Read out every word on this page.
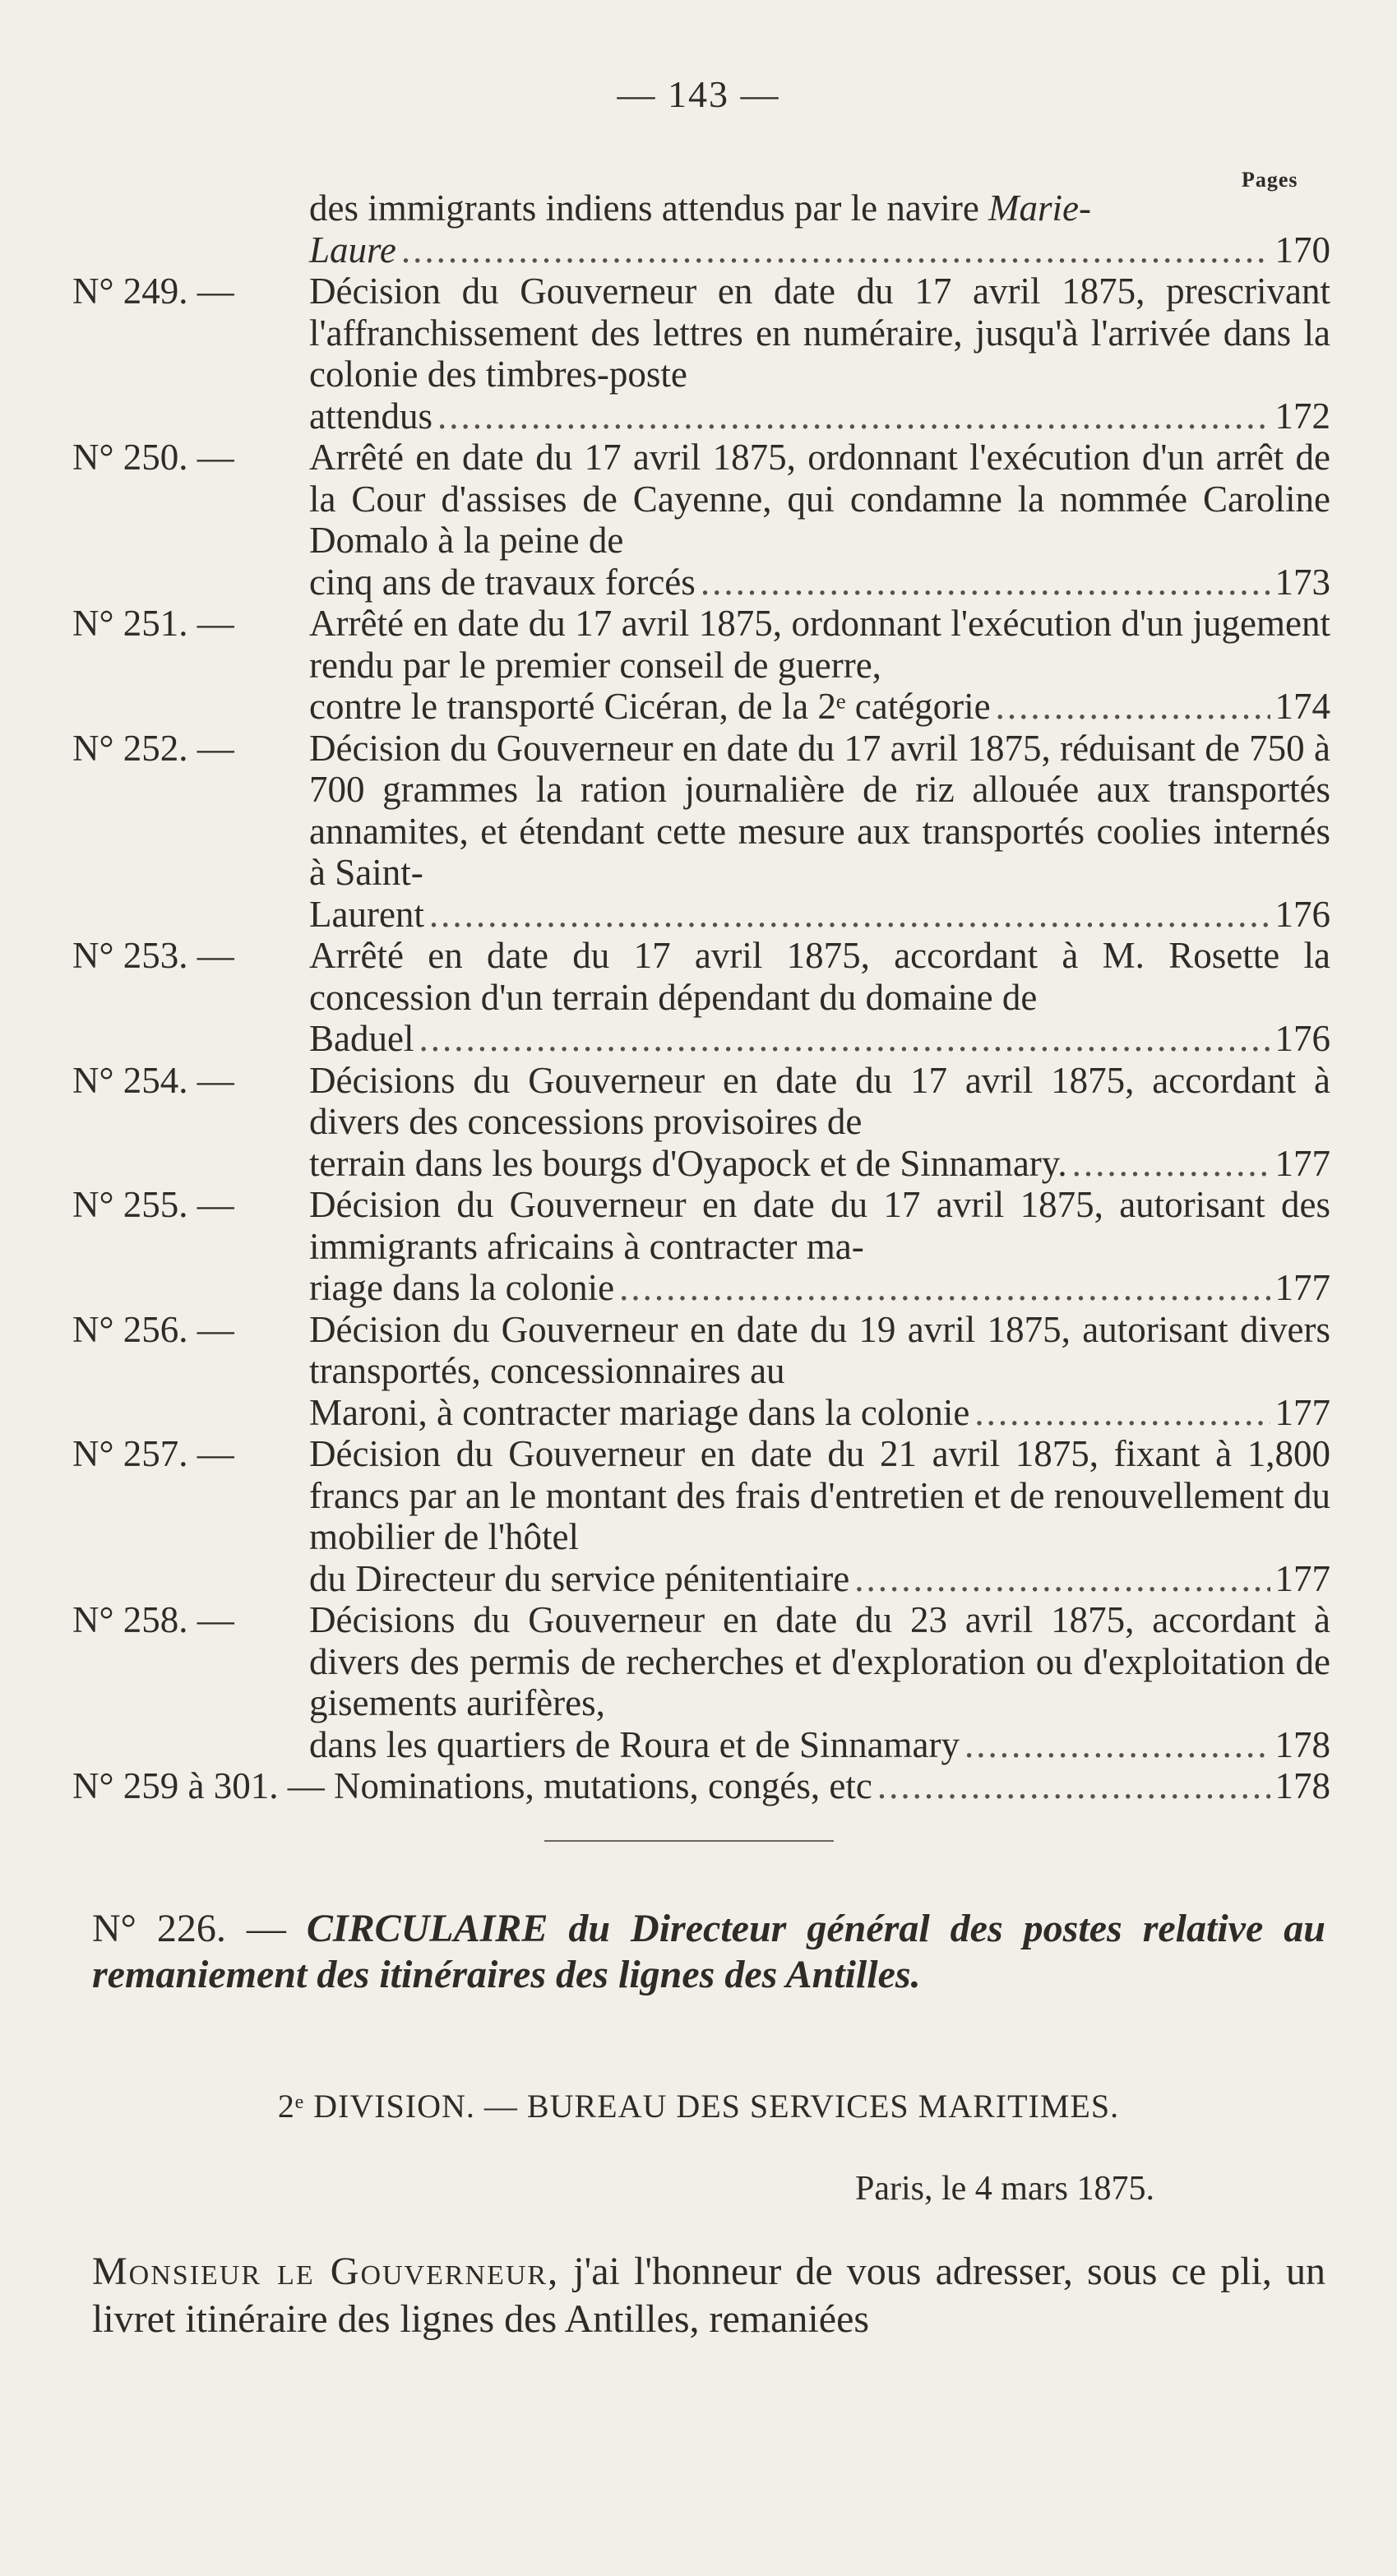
— 143 —
Pages
des immigrants indiens attendus par le navire Marie-
Laure .....	170
N° 249. — Décision du Gouverneur en date du 17 avril 1875, prescrivant l'affranchissement des lettres en numéraire, jusqu'à l'arrivée dans la colonie des timbres-poste
attendus .....	172
N° 250. — Arrêté en date du 17 avril 1875, ordonnant l'exécution d'un arrêt de la Cour d'assises de Cayenne, qui condamne la nommée Caroline Domalo à la peine de
cinq ans de travaux forcés .....	173
N° 251. — Arrêté en date du 17 avril 1875, ordonnant l'exécution d'un jugement rendu par le premier conseil de guerre,
contre le transporté Cicéran, de la 2ᵉ catégorie .....	174
N° 252. — Décision du Gouverneur en date du 17 avril 1875, réduisant de 750 à 700 grammes la ration journalière de riz allouée aux transportés annamites, et étendant cette mesure aux transportés coolies internés à Saint-
Laurent .....	176
N° 253. — Arrêté en date du 17 avril 1875, accordant à M. Rosette la concession d'un terrain dépendant du domaine de
Baduel .....	176
N° 254. — Décisions du Gouverneur en date du 17 avril 1875, accordant à divers des concessions provisoires de
terrain dans les bourgs d'Oyapock et de Sinnamary. .....	177
N° 255. — Décision du Gouverneur en date du 17 avril 1875, autorisant des immigrants africains à contracter ma-
riage dans la colonie .....	177
N° 256. — Décision du Gouverneur en date du 19 avril 1875, autorisant divers transportés, concessionnaires au
Maroni, à contracter mariage dans la colonie .....	177
N° 257. — Décision du Gouverneur en date du 21 avril 1875, fixant à 1,800 francs par an le montant des frais d'entretien et de renouvellement du mobilier de l'hôtel
du Directeur du service pénitentiaire .....	177
N° 258. — Décisions du Gouverneur en date du 23 avril 1875, accordant à divers des permis de recherches et d'exploration ou d'exploitation de gisements aurifères,
dans les quartiers de Roura et de Sinnamary .....	178
N° 259 à 301. — Nominations, mutations, congés, etc .....	178
N° 226. — CIRCULAIRE du Directeur général des postes relative au remaniement des itinéraires des lignes des Antilles.
2ᵉ DIVISION. — BUREAU DES SERVICES MARITIMES.
Paris, le 4 mars 1875.
Monsieur le Gouverneur, j'ai l'honneur de vous adresser, sous ce pli, un livret itinéraire des lignes des Antilles, remaniées
